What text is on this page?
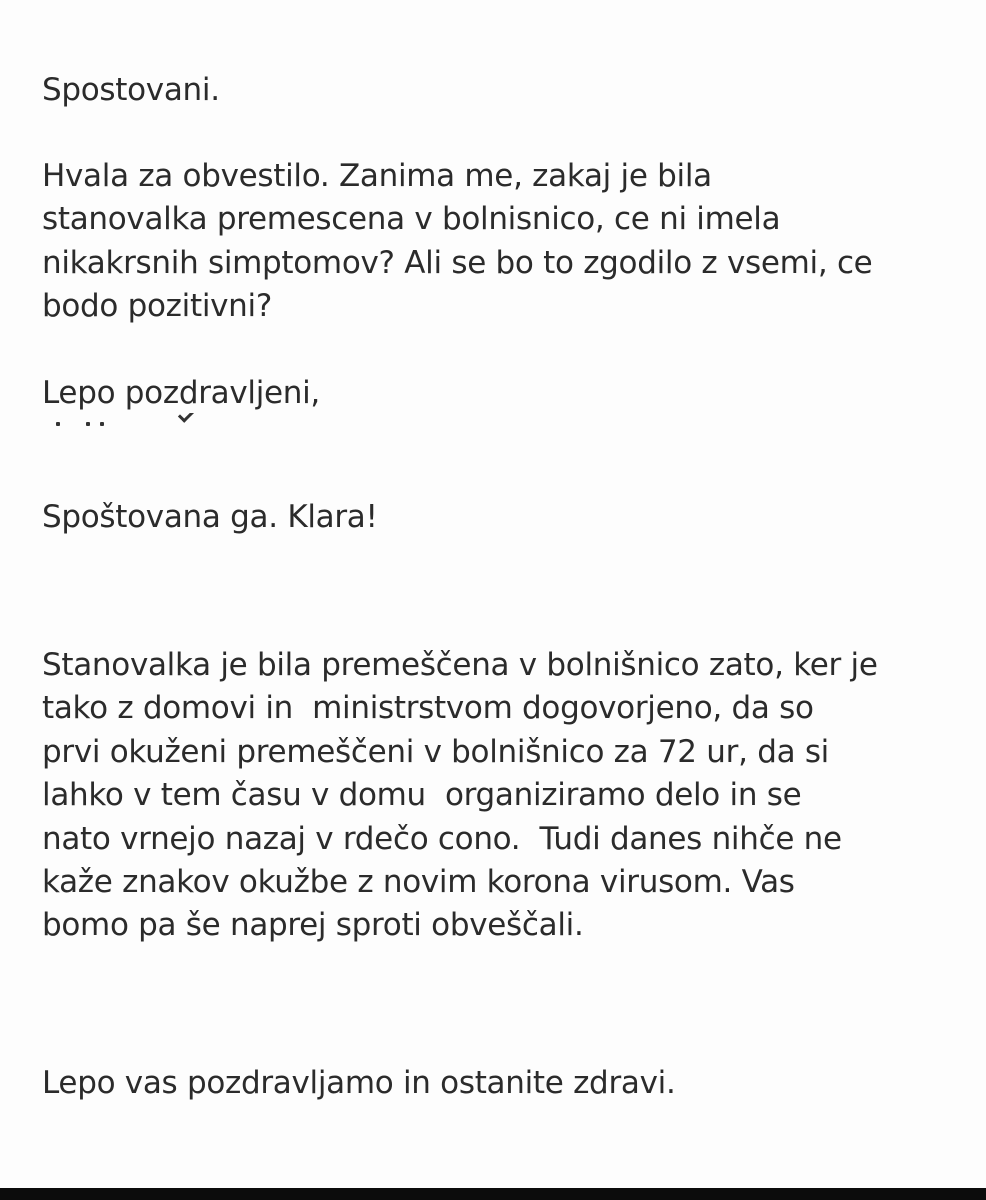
Spostovani.

Hvala za obvestilo. Zanima me, zakaj je bila
stanovalka premescena v bolnisnico, ce ni imela
nikakrsnih simptomov? Ali se bo to zgodilo z vsemi, ce
bodo pozitivni?

Lepo pozdravljeni,

Spoštovana ga. Klara!

Stanovalka je bila premeščena v bolnišnico zato, ker je
tako z domovi in  ministrstvom dogovorjeno, da so
prvi okuženi premeščeni v bolnišnico za 72 ur, da si
lahko v tem času v domu  organiziramo delo in se
nato vrnejo nazaj v rdečo cono.  Tudi danes nihče ne
kaže znakov okužbe z novim korona virusom. Vas
bomo pa še naprej sproti obveščali.

Lepo vas pozdravljamo in ostanite zdravi.
